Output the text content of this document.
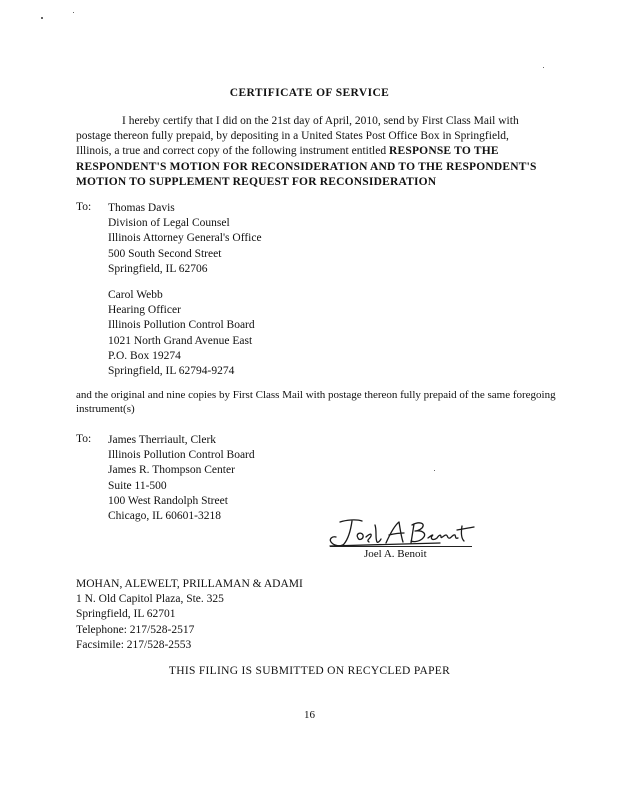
CERTIFICATE OF SERVICE
I hereby certify that I did on the 21st day of April, 2010, send by First Class Mail with postage thereon fully prepaid, by depositing in a United States Post Office Box in Springfield, Illinois, a true and correct copy of the following instrument entitled RESPONSE TO THE RESPONDENT'S MOTION FOR RECONSIDERATION AND TO THE RESPONDENT'S MOTION TO SUPPLEMENT REQUEST FOR RECONSIDERATION
To: Thomas Davis
Division of Legal Counsel
Illinois Attorney General's Office
500 South Second Street
Springfield, IL 62706
Carol Webb
Hearing Officer
Illinois Pollution Control Board
1021 North Grand Avenue East
P.O. Box 19274
Springfield, IL 62794-9274
and the original and nine copies by First Class Mail with postage thereon fully prepaid of the same foregoing instrument(s)
To: James Therriault, Clerk
Illinois Pollution Control Board
James R. Thompson Center
Suite 11-500
100 West Randolph Street
Chicago, IL 60601-3218
Joel A. Benoit
MOHAN, ALEWELT, PRILLAMAN & ADAMI
1 N. Old Capitol Plaza, Ste. 325
Springfield, IL 62701
Telephone: 217/528-2517
Facsimile: 217/528-2553
THIS FILING IS SUBMITTED ON RECYCLED PAPER
16
